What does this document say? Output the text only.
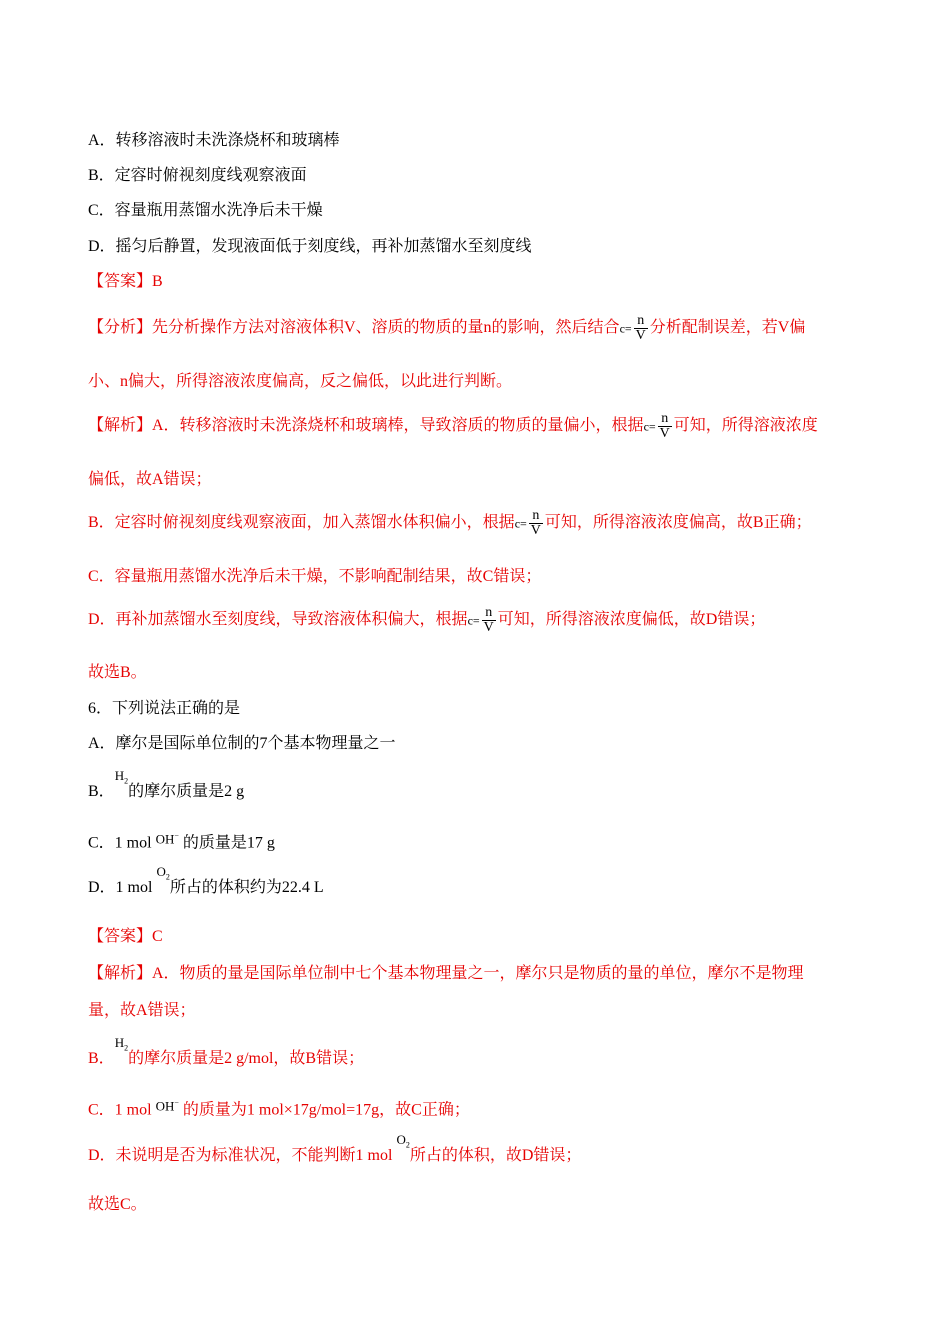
A．转移溶液时未洗涤烧杯和玻璃棒
B．定容时俯视刻度线观察液面
C．容量瓶用蒸馏水洗净后未干燥
D．摇匀后静置，发现液面低于刻度线，再补加蒸馏水至刻度线
【答案】B
【分析】先分析操作方法对溶液体积V、溶质的物质的量n的影响，然后结合$c= \frac{n}{V}$ 分析配制误差，若V偏
小、n偏大，所得溶液浓度偏高，反之偏低，以此进行判断。
【解析】A．转移溶液时未洗涤烧杯和玻璃棒，导致溶质的物质的量偏小，根据$c= \frac{n}{V}$ 可知，所得溶液浓度
偏低，故A错误；
B．定容时俯视刻度线观察液面，加入蒸馏水体积偏小，根据$c= \frac{n}{V}$ 可知，所得溶液浓度偏高，故B正确；
C．容量瓶用蒸馏水洗净后未干燥，不影响配制结果，故C错误；
D．再补加蒸馏水至刻度线，导致溶液体积偏大，根据$c= \frac{n}{V}$ 可知，所得溶液浓度偏低，故D错误；
故选B。
6．下列说法正确的是
A．摩尔是国际单位制的7个基本物理量之一
B．$H_2$的摩尔质量是2 g
C．1 mol OH− 的质量是17 g
D．1 mol $O_2$所占的体积约为22.4 L
【答案】C
【解析】A．物质的量是国际单位制中七个基本物理量之一，摩尔只是物质的量的单位，摩尔不是物理
量，故A错误；
B．$H_2$的摩尔质量是2 g/mol，故B错误；
C．1 mol OH− 的质量为1 mol×17g/mol=17g，故C正确；
D．未说明是否为标准状况，不能判断1 mol $O_2$所占的体积，故D错误；
故选C。
